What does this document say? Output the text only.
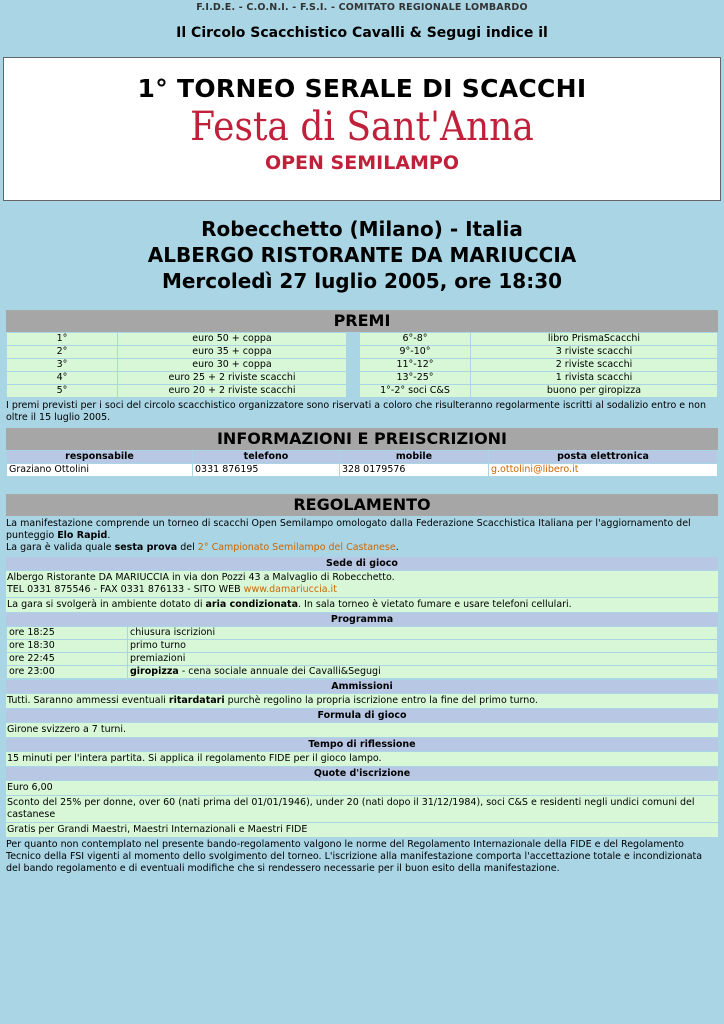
F.I.D.E. - C.O.N.I. - F.S.I. - COMITATO REGIONALE LOMBARDO
Il Circolo Scacchistico Cavalli & Segugi indice il
1° TORNEO SERALE DI SCACCHI
Festa di Sant'Anna
OPEN SEMILAMPO
Robecchetto (Milano) - Italia
ALBERGO RISTORANTE DA MARIUCCIA
Mercoledì 27 luglio 2005, ore 18:30
PREMI
1°	euro 50 + coppa		6°-8°	libro PrismaScacchi
2°	euro 35 + coppa		9°-10°	3 riviste scacchi
3°	euro 30 + coppa		11°-12°	2 riviste scacchi
4°	euro 25 + 2 riviste scacchi		13°-25°	1 rivista scacchi
5°	euro 20 + 2 riviste scacchi		1°-2° soci C&S	buono per giropizza
I premi previsti per i soci del circolo scacchistico organizzatore sono riservati a coloro che risulteranno regolarmente iscritti al sodalizio entro e non oltre il 15 luglio 2005.
INFORMAZIONI E PREISCRIZIONI
responsabile	telefono	mobile	posta elettronica
Graziano Ottolini	0331 876195	328 0179576	g.ottolini@libero.it
REGOLAMENTO
La manifestazione comprende un torneo di scacchi Open Semilampo omologato dalla Federazione Scacchistica Italiana per l'aggiornamento del punteggio Elo Rapid.
La gara è valida quale sesta prova del 2° Campionato Semilampo del Castanese.
Sede di gioco
Albergo Ristorante DA MARIUCCIA in via don Pozzi 43 a Malvaglio di Robecchetto.
TEL 0331 875546 - FAX 0331 876133 - SITO WEB www.damariuccia.it
La gara si svolgerà in ambiente dotato di aria condizionata. In sala torneo è vietato fumare e usare telefoni cellulari.
Programma
ore 18:25	chiusura iscrizioni
ore 18:30	primo turno
ore 22:45	premiazioni
ore 23:00	giropizza - cena sociale annuale dei Cavalli&Segugi
Ammissioni
Tutti. Saranno ammessi eventuali ritardatari purchè regolino la propria iscrizione entro la fine del primo turno.
Formula di gioco
Girone svizzero a 7 turni.
Tempo di riflessione
15 minuti per l'intera partita. Si applica il regolamento FIDE per il gioco lampo.
Quote d'iscrizione
Euro 6,00
Sconto del 25% per donne, over 60 (nati prima del 01/01/1946), under 20 (nati dopo il 31/12/1984), soci C&S e residenti negli undici comuni del castanese
Gratis per Grandi Maestri, Maestri Internazionali e Maestri FIDE
Per quanto non contemplato nel presente bando-regolamento valgono le norme del Regolamento Internazionale della FIDE e del Regolamento Tecnico della FSI vigenti al momento dello svolgimento del torneo. L'iscrizione alla manifestazione comporta l'accettazione totale e incondizionata del bando regolamento e di eventuali modifiche che si rendessero necessarie per il buon esito della manifestazione.
